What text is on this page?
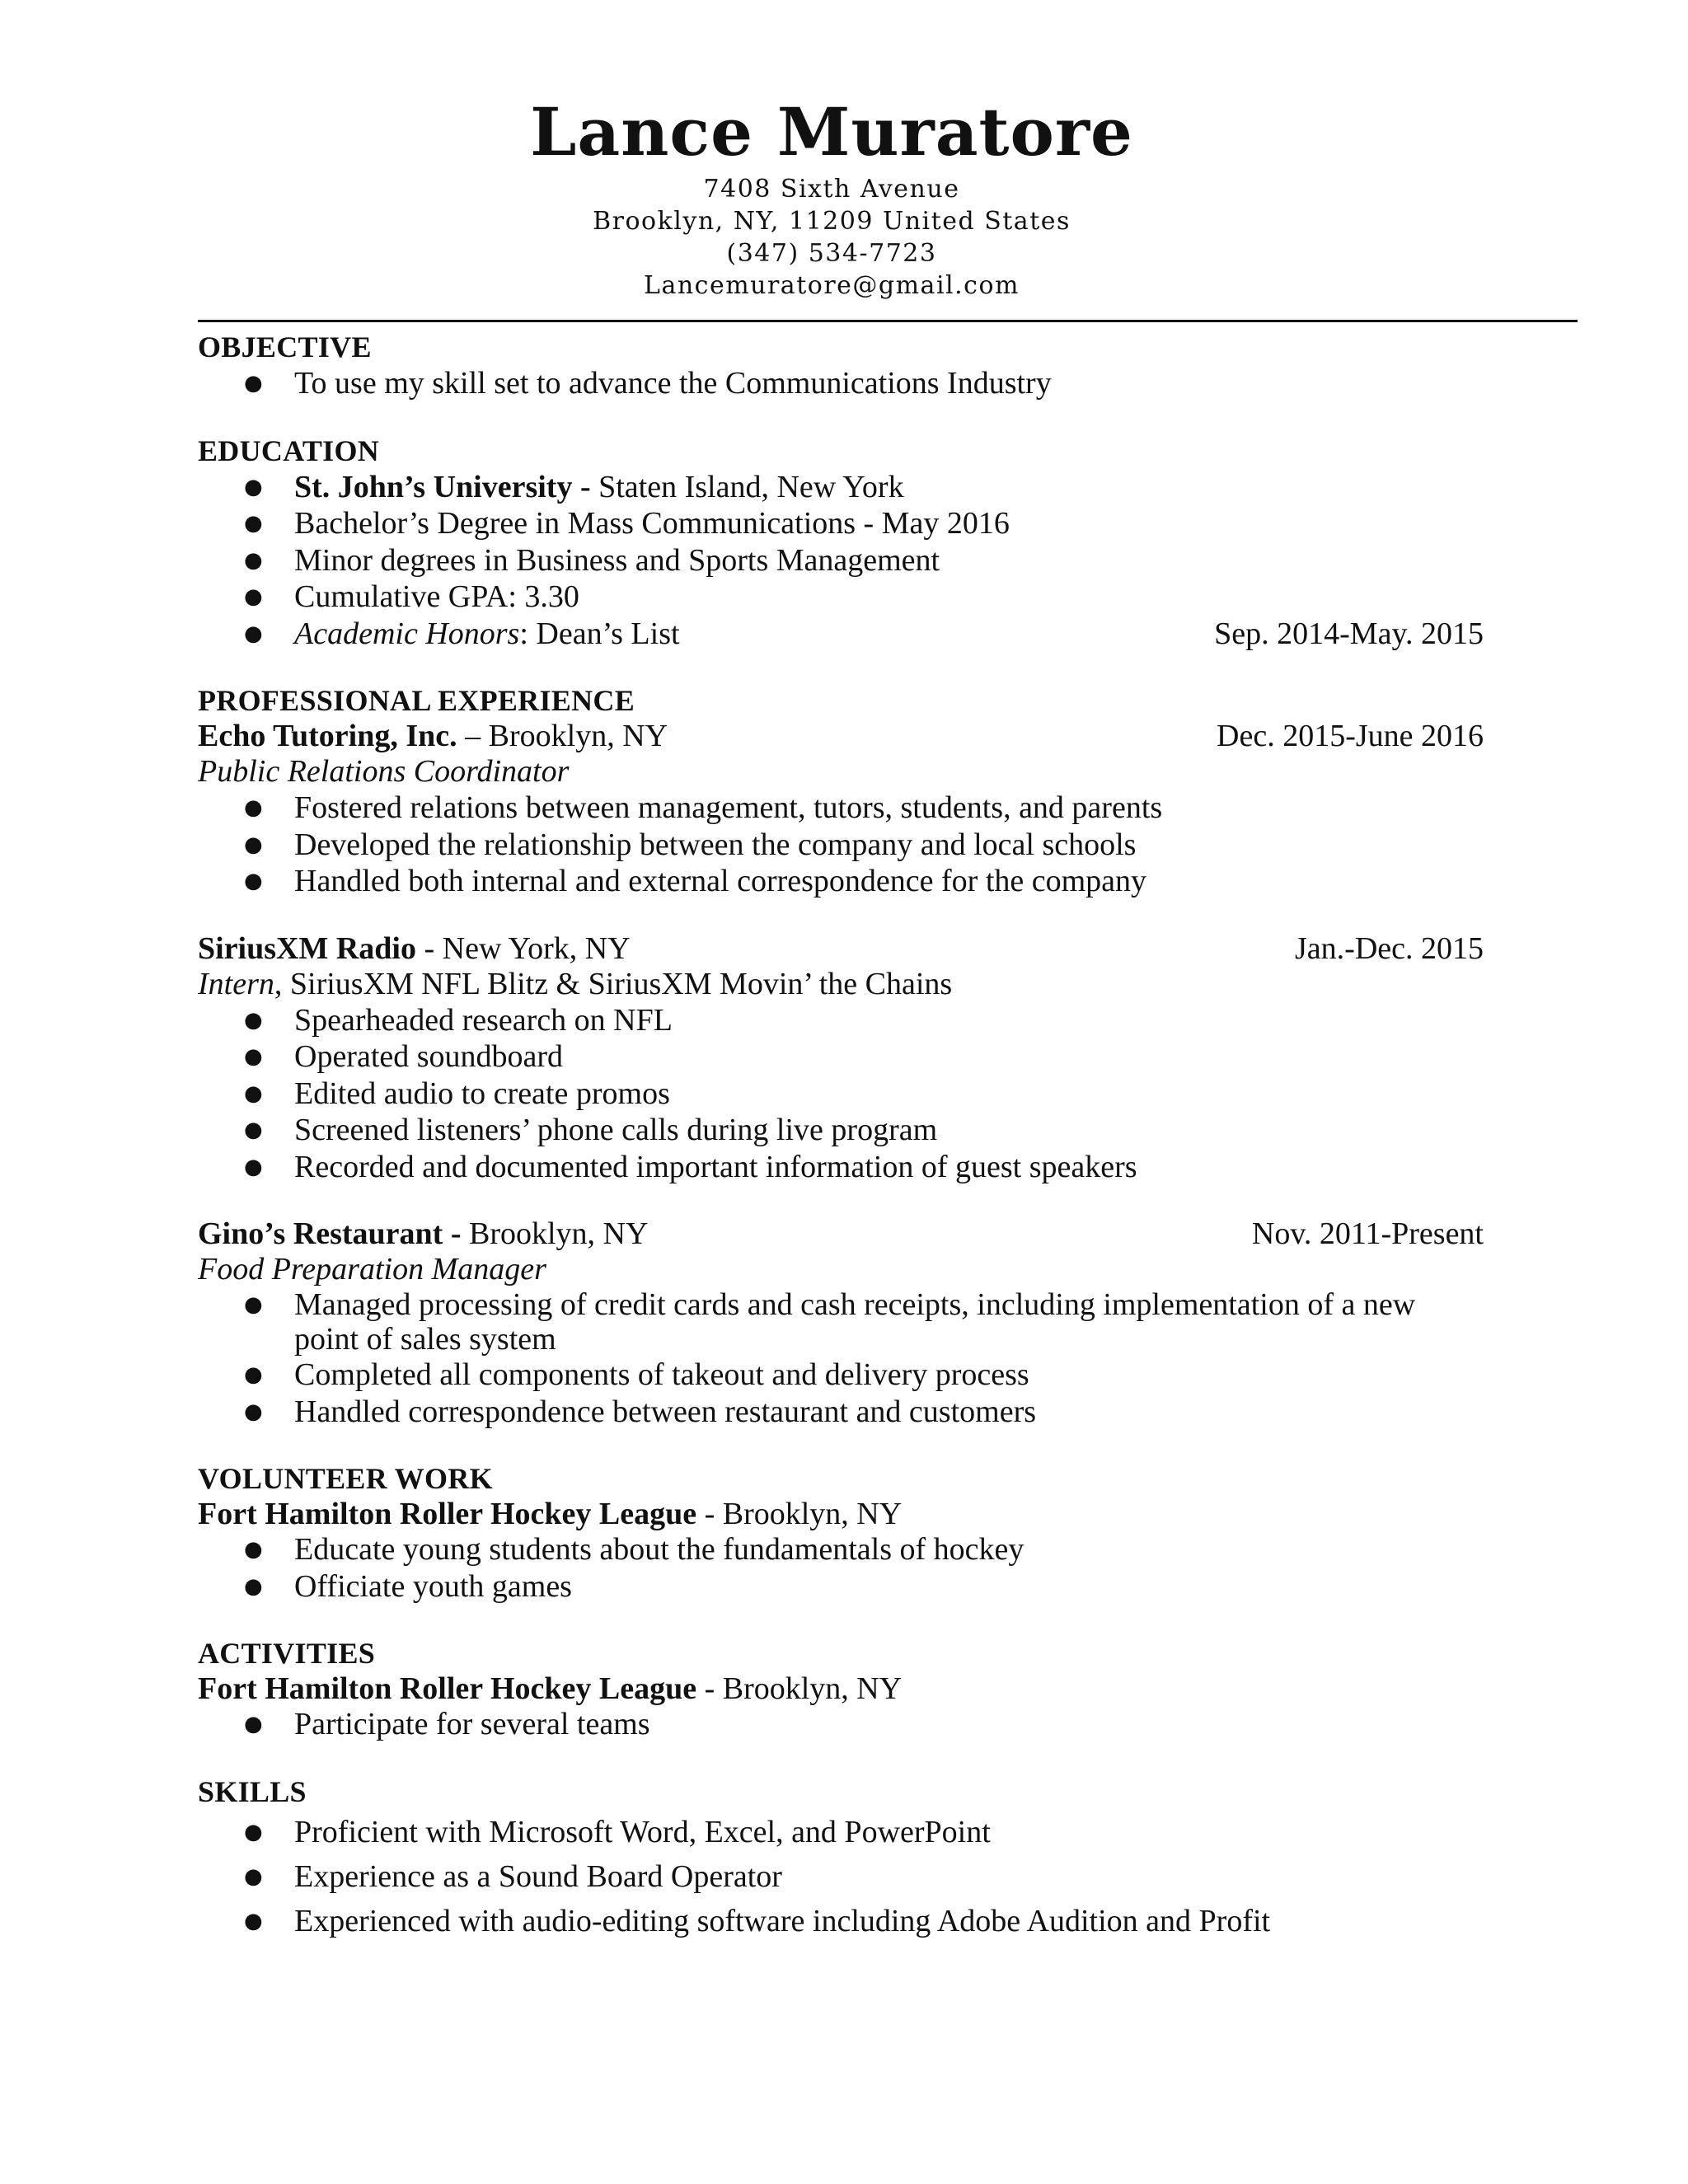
Lance Muratore
7408 Sixth Avenue
Brooklyn, NY, 11209 United States
(347) 534-7723
Lancemuratore@gmail.com
OBJECTIVE
● To use my skill set to advance the Communications Industry
EDUCATION
● St. John’s University - Staten Island, New York
● Bachelor’s Degree in Mass Communications - May 2016
● Minor degrees in Business and Sports Management
● Cumulative GPA: 3.30
● Academic Honors: Dean’s List	Sep. 2014-May. 2015
PROFESSIONAL EXPERIENCE
Echo Tutoring, Inc. – Brooklyn, NY	Dec. 2015-June 2016
Public Relations Coordinator
● Fostered relations between management, tutors, students, and parents
● Developed the relationship between the company and local schools
● Handled both internal and external correspondence for the company
SiriusXM Radio - New York, NY	Jan.-Dec. 2015
Intern, SiriusXM NFL Blitz & SiriusXM Movin’ the Chains
● Spearheaded research on NFL
● Operated soundboard
● Edited audio to create promos
● Screened listeners’ phone calls during live program
● Recorded and documented important information of guest speakers
Gino’s Restaurant - Brooklyn, NY	Nov. 2011-Present
Food Preparation Manager
● Managed processing of credit cards and cash receipts, including implementation of a new point of sales system
● Completed all components of takeout and delivery process
● Handled correspondence between restaurant and customers
VOLUNTEER WORK
Fort Hamilton Roller Hockey League - Brooklyn, NY
● Educate young students about the fundamentals of hockey
● Officiate youth games
ACTIVITIES
Fort Hamilton Roller Hockey League - Brooklyn, NY
● Participate for several teams
SKILLS
● Proficient with Microsoft Word, Excel, and PowerPoint
● Experience as a Sound Board Operator
● Experienced with audio-editing software including Adobe Audition and Profit
